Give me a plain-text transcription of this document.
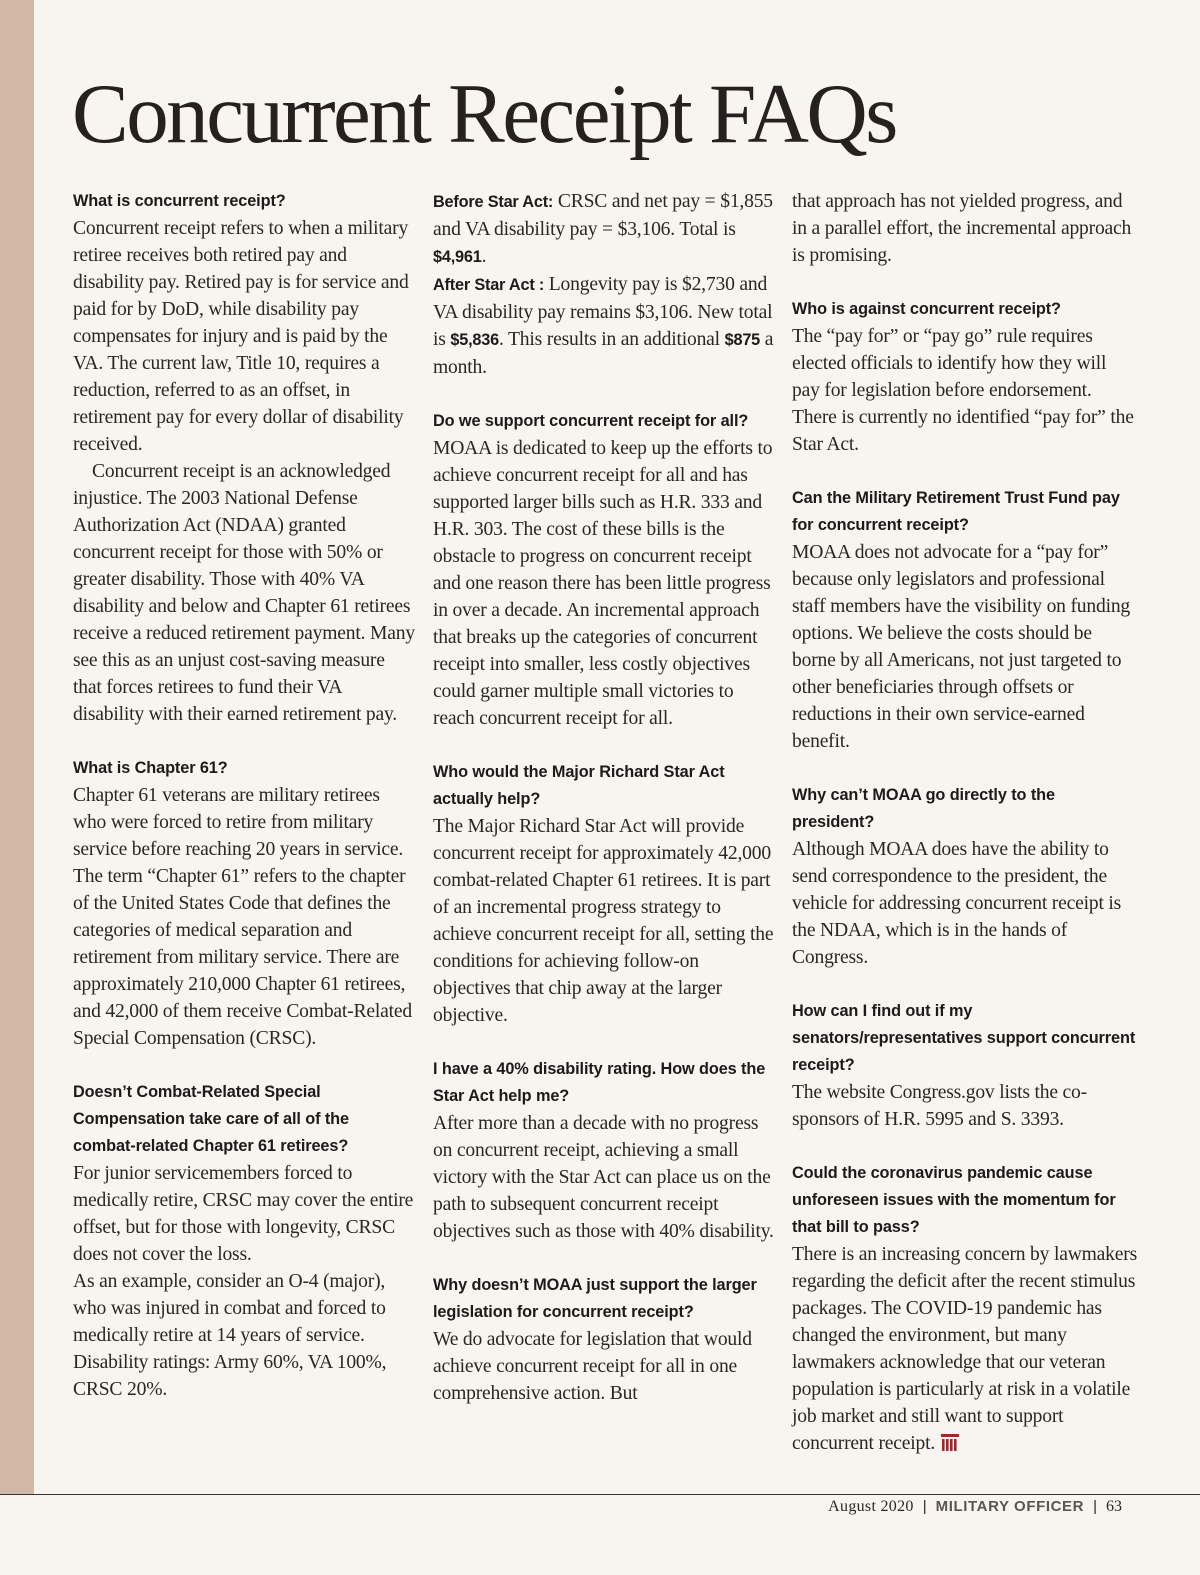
Concurrent Receipt FAQs
What is concurrent receipt?

Concurrent receipt refers to when a military retiree receives both retired pay and disability pay. Retired pay is for service and paid for by DoD, while disability pay compensates for injury and is paid by the VA. The current law, Title 10, requires a reduction, referred to as an offset, in retirement pay for every dollar of disability received.

Concurrent receipt is an acknowledged injustice. The 2003 National Defense Authorization Act (NDAA) granted concurrent receipt for those with 50% or greater disability. Those with 40% VA disability and below and Chapter 61 retirees receive a reduced retirement payment. Many see this as an unjust cost-saving measure that forces retirees to fund their VA disability with their earned retirement pay.

What is Chapter 61?

Chapter 61 veterans are military retirees who were forced to retire from military service before reaching 20 years in service. The term “Chapter 61” refers to the chapter of the United States Code that defines the categories of medical separation and retirement from military service. There are approximately 210,000 Chapter 61 retirees, and 42,000 of them receive Combat-Related Special Compensation (CRSC).

Doesn’t Combat-Related Special Compensation take care of all of the combat-related Chapter 61 retirees?

For junior servicemembers forced to medically retire, CRSC may cover the entire offset, but for those with longevity, CRSC does not cover the loss.

As an example, consider an O-4 (major), who was injured in combat and forced to medically retire at 14 years of service. Disability ratings: Army 60%, VA 100%, CRSC 20%.

Before Star Act: CRSC and net pay = $1,855 and VA disability pay = $3,106. Total is $4,961.

After Star Act : Longevity pay is $2,730 and VA disability pay remains $3,106. New total is $5,836. This results in an additional $875 a month.

Do we support concurrent receipt for all?

MOAA is dedicated to keep up the efforts to achieve concurrent receipt for all and has supported larger bills such as H.R. 333 and H.R. 303. The cost of these bills is the obstacle to progress on concurrent receipt and one reason there has been little progress in over a decade. An incremental approach that breaks up the categories of concurrent receipt into smaller, less costly objectives could garner multiple small victories to reach concurrent receipt for all.

Who would the Major Richard Star Act actually help?

The Major Richard Star Act will provide concurrent receipt for approximately 42,000 combat-related Chapter 61 retirees. It is part of an incremental progress strategy to achieve concurrent receipt for all, setting the conditions for achieving follow-on objectives that chip away at the larger objective.

I have a 40% disability rating. How does the Star Act help me?

After more than a decade with no progress on concurrent receipt, achieving a small victory with the Star Act can place us on the path to subsequent concurrent receipt objectives such as those with 40% disability.

Why doesn’t MOAA just support the larger legislation for concurrent receipt?

We do advocate for legislation that would achieve concurrent receipt for all in one comprehensive action. But

that approach has not yielded progress, and in a parallel effort, the incremental approach is promising.

Who is against concurrent receipt?

The “pay for” or “pay go” rule requires elected officials to identify how they will pay for legislation before endorsement. There is currently no identified “pay for” the Star Act.

Can the Military Retirement Trust Fund pay for concurrent receipt?

MOAA does not advocate for a “pay for” because only legislators and professional staff members have the visibility on funding options. We believe the costs should be borne by all Americans, not just targeted to other beneficiaries through offsets or reductions in their own service-earned benefit.

Why can’t MOAA go directly to the president?

Although MOAA does have the ability to send correspondence to the president, the vehicle for addressing concurrent receipt is the NDAA, which is in the hands of Congress.

How can I find out if my senators/representatives support concurrent receipt?

The website Congress.gov lists the co-sponsors of H.R. 5995 and S. 3393.

Could the coronavirus pandemic cause unforeseen issues with the momentum for that bill to pass?

There is an increasing concern by lawmakers regarding the deficit after the recent stimulus packages. The COVID-19 pandemic has changed the environment, but many lawmakers acknowledge that our veteran population is particularly at risk in a volatile job market and still want to support concurrent receipt.

August 2020 | MILITARY OFFICER | 63
